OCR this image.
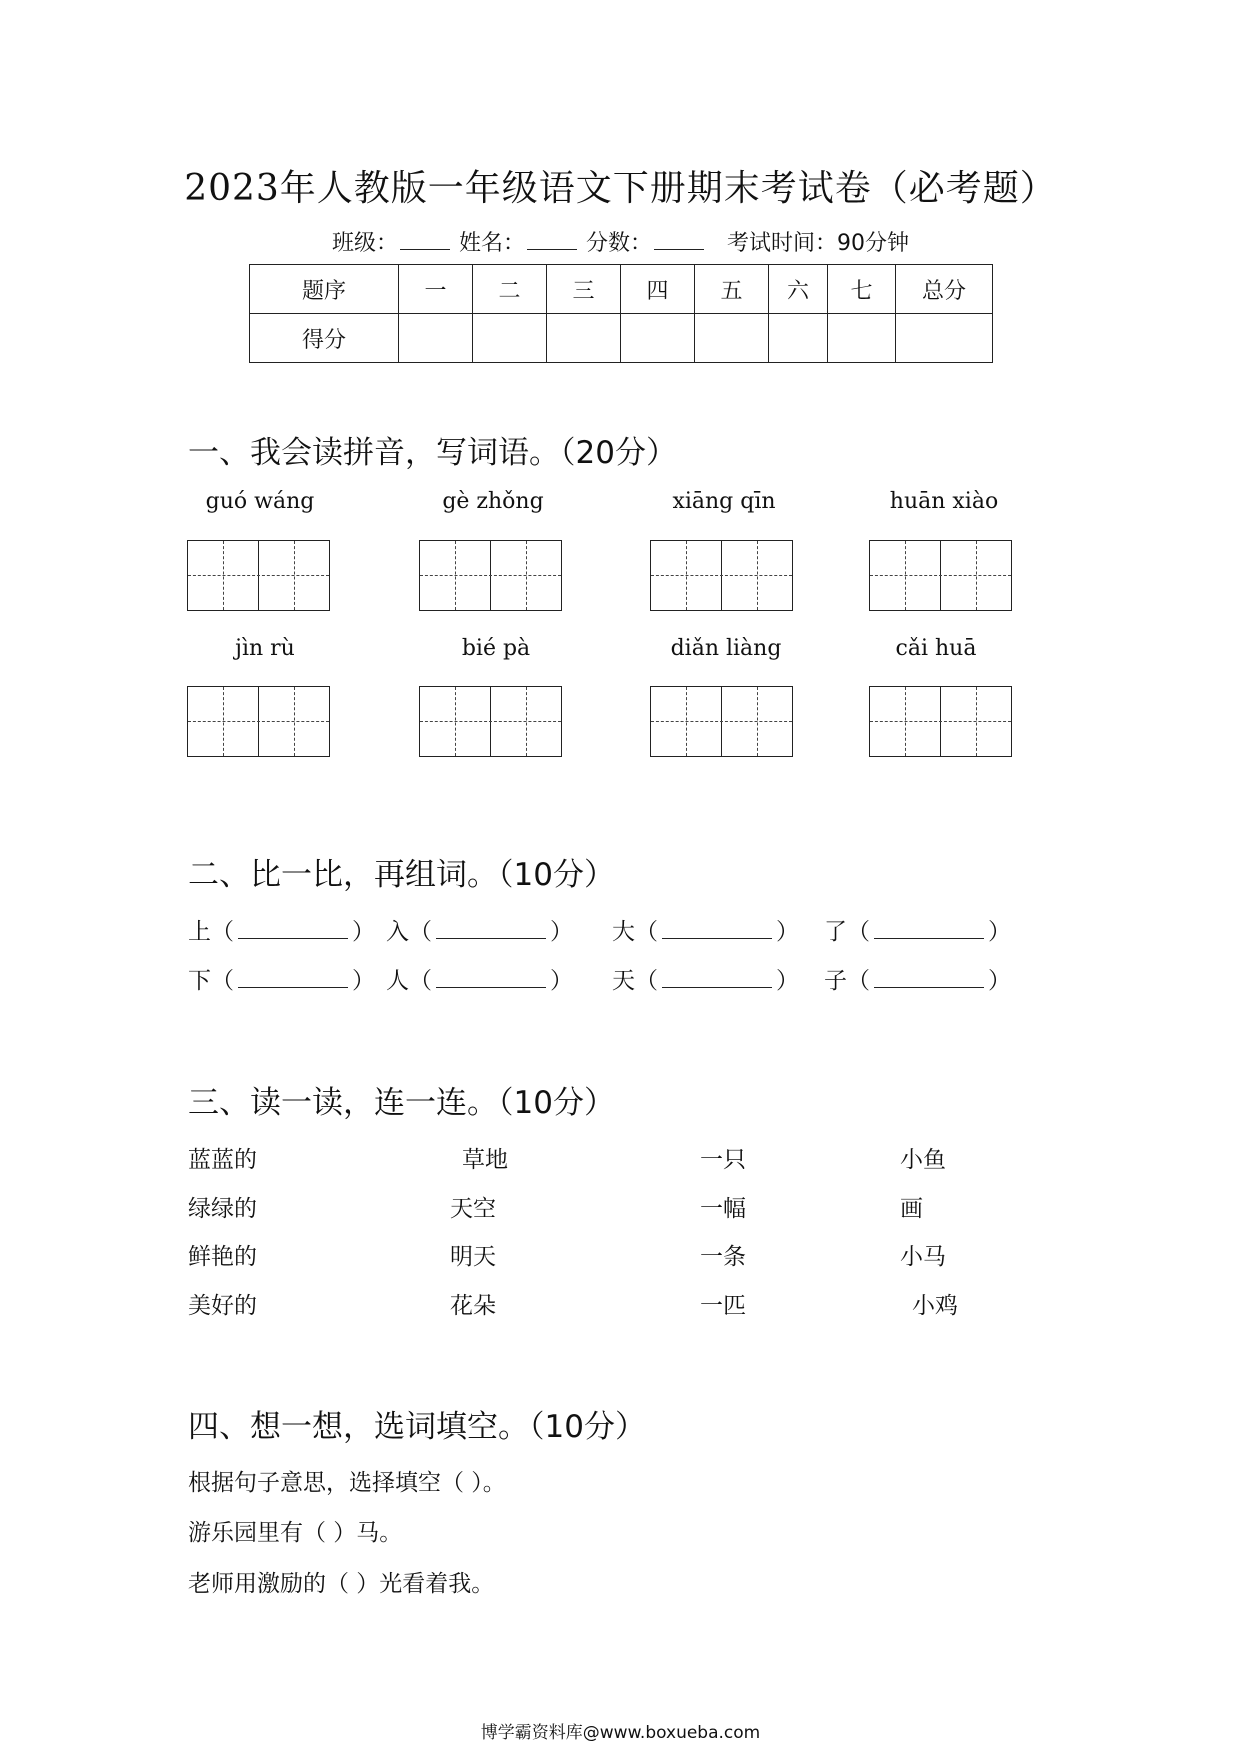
2023年人教版一年级语文下册期末考试卷（必考题）
班级：	姓名：	分数：	考试时间：90分钟
题序	一	二	三	四	五	六	七	总分
得分								
一、我会读拼音，写词语。（20分）
guó wáng	gè zhǒng	xiāng qīn	huān xiào
jìn rù	bié pà	diǎn liàng	cǎi huā
二、比一比，再组词。（10分）
上（	） 入（	） 大（	） 了（	）
下（	） 人（	） 天（	） 子（	）
三、读一读，连一连。（10分）
蓝蓝的	草地	一只	小鱼
绿绿的	天空	一幅	画
鲜艳的	明天	一条	小马
美好的	花朵	一匹	小鸡
四、想一想，选词填空。（10分）
根据句子意思，选择填空（ ）。
游乐园里有（ ）马。
老师用激励的（ ）光看着我。
博学霸资料库@www.boxueba.com
